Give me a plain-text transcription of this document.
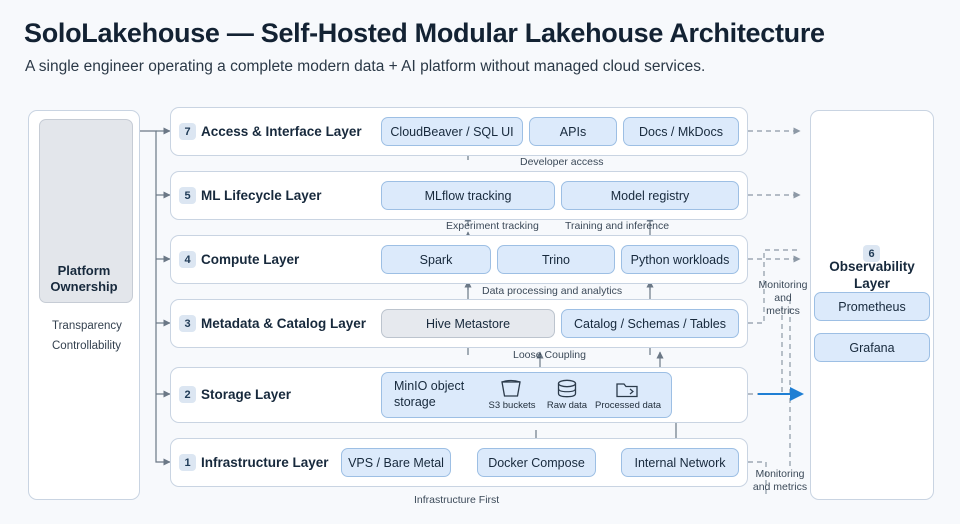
SoloLakehouse — Self-Hosted Modular Lakehouse Architecture
A single engineer operating a complete modern data + AI platform without managed cloud services.
Platform
Ownership
Transparency
Controllability
7 Access & Interface Layer	CloudBeaver / SQL UI	APIs	Docs / MkDocs
5 ML Lifecycle Layer	MLflow tracking	Model registry
4 Compute Layer	Spark	Trino	Python workloads
3 Metadata & Catalog Layer	Hive Metastore	Catalog / Schemas / Tables
2 Storage Layer
MinIO object storage	S3 buckets	Raw data Processed data
1 Infrastructure Layer	VPS / Bare Metal	Docker Compose	Internal Network
6

Observability
Layer
Prometheus
Grafana
Developer access
Experiment tracking Training and inference
Data processing and analytics
Loose Coupling
Infrastructure First
Monitoring
and
metrics
Monitoring
and metrics
